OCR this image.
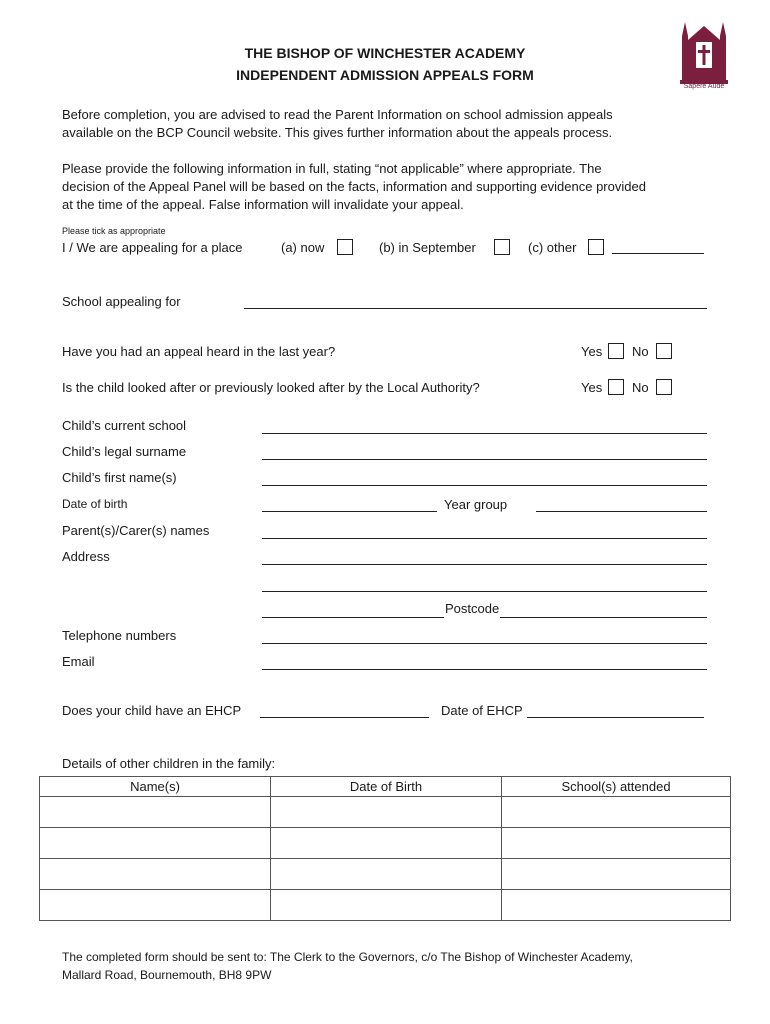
THE BISHOP OF WINCHESTER ACADEMY
INDEPENDENT ADMISSION APPEALS FORM
Sapere Aude
Before completion, you are advised to read the Parent Information on school admission appeals
available on the BCP Council website. This gives further information about the appeals process.
Please provide the following information in full, stating “not applicable” where appropriate. The
decision of the Appeal Panel will be based on the facts, information and supporting evidence provided
at the time of the appeal. False information will invalidate your appeal.
Please tick as appropriate
I / We are appealing for a place	(a) now	(b) in September	(c) other
School appealing for
Have you had an appeal heard in the last year?	Yes No
Is the child looked after or previously looked after by the Local Authority?	Yes No
Child’s current school
Child’s legal surname
Child’s first name(s)
Date of birth	Year group
Parent(s)/Carer(s) names
Address
Postcode
Telephone numbers
Email
Does your child have an EHCP	Date of EHCP
Details of other children in the family:
Name(s)	Date of Birth	School(s) attended

The completed form should be sent to: The Clerk to the Governors, c/o The Bishop of Winchester Academy,
Mallard Road, Bournemouth, BH8 9PW
